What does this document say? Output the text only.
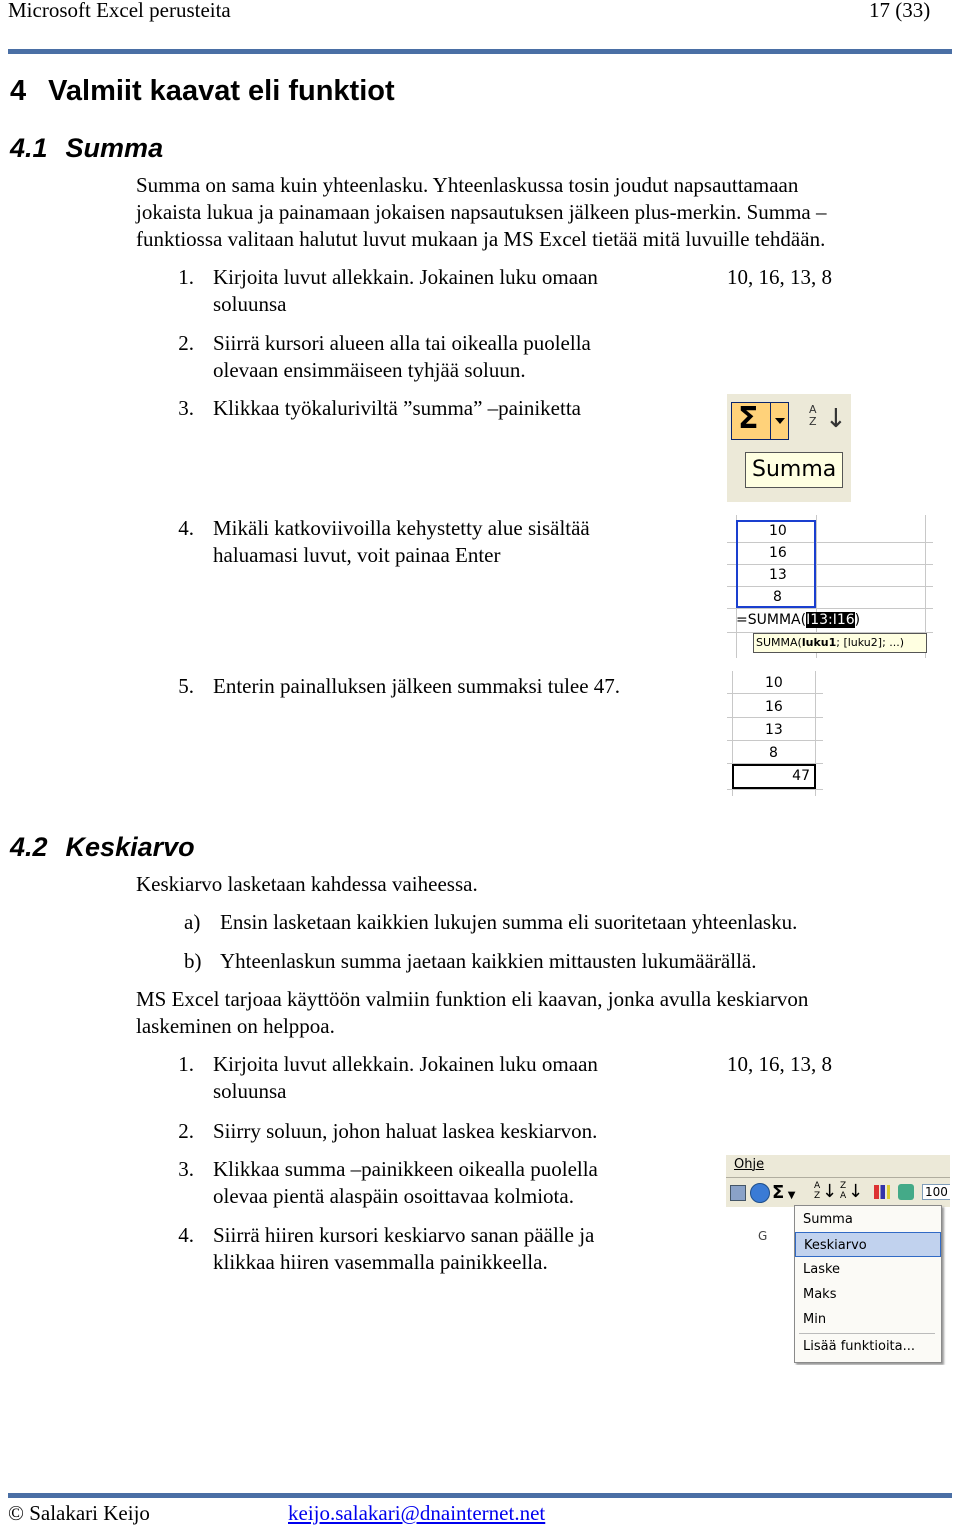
Microsoft Excel perusteita	17 (33)
4 Valmiit kaavat eli funktiot
4.1 Summa
Summa on sama kuin yhteenlasku. Yhteenlaskussa tosin joudut napsauttamaan
jokaista lukua ja painamaan jokaisen napsautuksen jälkeen plus-merkin. Summa –
funktiossa valitaan halutut luvut mukaan ja MS Excel tietää mitä luvuille tehdään.
1. Kirjoita luvut allekkain. Jokainen luku omaan
soluunsa
10, 16, 13, 8
2. Siirrä kursori alueen alla tai oikealla puolella
olevaan ensimmäiseen tyhjää soluun.
3. Klikkaa työkaluriviltä ”summa” –painiketta	Σ	A
Z ↓
Summa
4. Mikäli katkoviivoilla kehystetty alue sisältää
haluamasi luvut, voit painaa Enter
10
16
13
8
=SUMMA(I13:I16)
SUMMA(luku1; [luku2]; ...)
5. Enterin painalluksen jälkeen summaksi tulee 47.	10
16
13
8
47
4.2 Keskiarvo
Keskiarvo lasketaan kahdessa vaiheessa.
a) Ensin lasketaan kaikkien lukujen summa eli suoritetaan yhteenlasku.
b) Yhteenlaskun summa jaetaan kaikkien mittausten lukumäärällä.
MS Excel tarjoaa käyttöön valmiin funktion eli kaavan, jonka avulla keskiarvon
laskeminen on helppoa.
1. Kirjoita luvut allekkain. Jokainen luku omaan
soluunsa
10, 16, 13, 8
2. Siirry soluun, johon haluat laskea keskiarvon.
3. Klikkaa summa –painikkeen oikealla puolella
olevaa pientä alaspäin osoittavaa kolmiota.
4. Siirrä hiiren kursori keskiarvo sanan päälle ja
klikkaa hiiren vasemmalla painikkeella.
Ohje
Σ ▼
A
Z ↓ Z
A ↓	100
G
Summa
Keskiarvo
Laske
Maks
Min
Lisää funktioita...
© Salakari Keijo	keijo.salakari@dnainternet.net
